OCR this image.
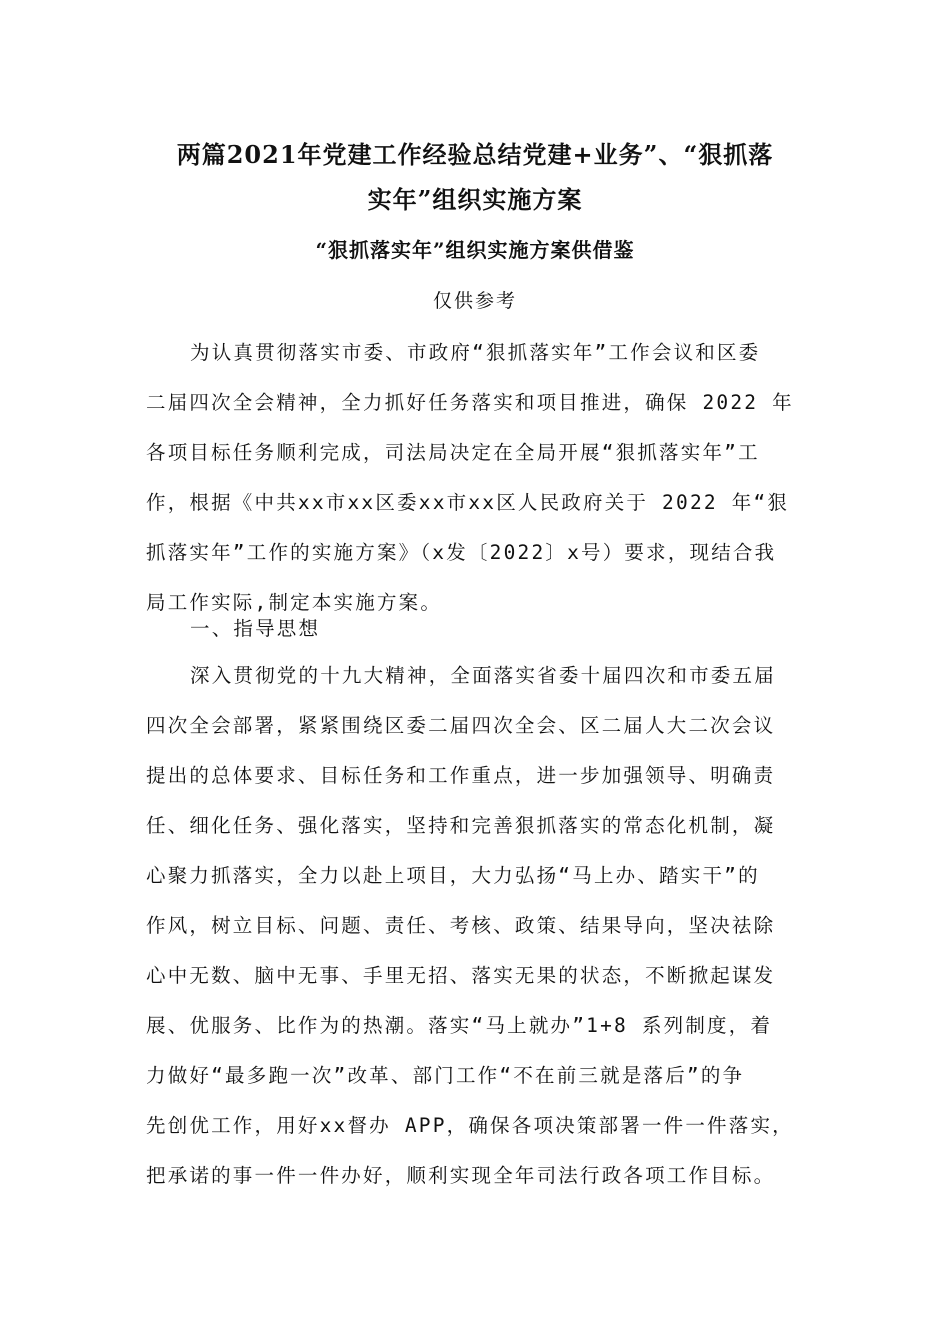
两篇2021年党建工作经验总结党建+业务”、“狠抓落
实年”组织实施方案
“狠抓落实年”组织实施方案供借鉴

仅供参考

为认真贯彻落实市委、市政府“狠抓落实年”工作会议和区委
二届四次全会精神，全力抓好任务落实和项目推进，确保 2022 年
各项目标任务顺利完成，司法局决定在全局开展“狠抓落实年”工
作，根据《中共xx市xx区委xx市xx区人民政府关于 2022 年“狠
抓落实年”工作的实施方案》（x发〔2022〕x号）要求，现结合我
局工作实际,制定本实施方案。
一、指导思想
深入贯彻党的十九大精神，全面落实省委十届四次和市委五届
四次全会部署，紧紧围绕区委二届四次全会、区二届人大二次会议
提出的总体要求、目标任务和工作重点，进一步加强领导、明确责
任、细化任务、强化落实，坚持和完善狠抓落实的常态化机制，凝
心聚力抓落实，全力以赴上项目，大力弘扬“马上办、踏实干”的
作风，树立目标、问题、责任、考核、政策、结果导向，坚决祛除
心中无数、脑中无事、手里无招、落实无果的状态，不断掀起谋发
展、优服务、比作为的热潮。落实“马上就办”1+8 系列制度，着
力做好“最多跑一次”改革、部门工作“不在前三就是落后”的争
先创优工作，用好xx督办 APP，确保各项决策部署一件一件落实，
把承诺的事一件一件办好，顺利实现全年司法行政各项工作目标。
